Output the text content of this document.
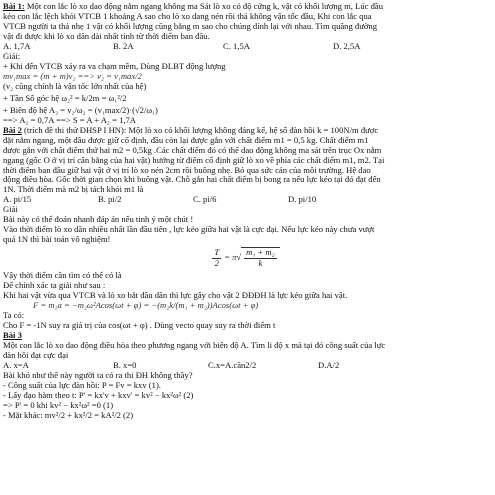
Bài 1: Một con lắc lò xo dao động nằm ngang không ma Sát lò xo có độ cứng k, vật có khối lượng m, Lúc đầu
kéo con lắc lệch khỏi VTCB 1 khoảng A sao cho lò xo dang nén rồi thả không vận tốc đầu, Khi con lắc qua
VTCB người ta thả nhẹ 1 vật có khối lượng cũng bằng m sao cho chúng dính lại với nhau. Tìm quãng đường
vật đi được khi lò xo dãn dài nhất tính từ thời điểm ban đầu.
A. 1,7A	B. 2A	C. 1,5A	D. 2,5A
Giải:
+ Khi đến VTCB xảy ra va chạm mềm, Dùng ĐLBT động lượng
mv₁max = (m + m)v₂ ==> v₂ = v₁max/2
(v₂ cũng chính là vận tốc lớn nhất của hệ)
+ Tần Số góc hệ ω₂² = k/2m = ω₁²/2
+ Biên độ hệ A₂ = v₂/ω₂ = (v₁max/2)·(√2/ω₁)
==> A₂ = 0,7A ==> S = A + A₂ = 1,7A
Bài 2 (trích đề thi thử ĐHSP I HN): Một lò xo có khối lượng không đáng kể, hệ số đàn hồi k = 100N/m được
đặt nằm ngang, một đầu được giữ cố định, đầu còn lại được gắn với chất điểm m1 = 0,5 kg. Chất điểm m1
được gắn với chất điểm thứ hai m2 = 0,5kg .Các chất điểm đó có thể dao động không ma sát trên trục Ox nằm
ngang (gốc O ở vị trí cân bằng của hai vật) hướng từ điểm cố định giữ lò xo về phía các chất điểm m1, m2. Tại
thời điểm ban đầu giữ hai vật ở vị trí lò xo nén 2cm rồi buông nhẹ. Bỏ qua sức cản của môi trường. Hệ dao
động điều hòa. Gốc thời gian chọn khi buông vật. Chỗ gắn hai chất điểm bị bong ra nếu lực kéo tại đó đạt đến
1N. Thời điểm mà m2 bị tách khỏi m1 là
A. pi/15	B. pi/2	C. pi/6	D. pi/10
Giải
Bài này có thể đoán nhanh đáp án nếu tinh ý một chút !
Vào thời điểm lò xo dãn nhiều nhất lần đầu tiên , lực kéo giữa hai vật là cực đại. Nếu lực kéo này chưa vượt
quá 1N thì bài toán vô nghiệm!
$\frac{T}{2} = \pi$ √ $\frac{\text{m₁ + m₂}}{k}$
Vậy thời điểm cần tìm có thể có là
Để chính xác ta giải như sau :
Khi hai vật vừa qua VTCB và lò xo bắt đầu dãn thì lực gây cho vật 2 ĐĐĐH là lực kéo giữa hai vật.
F = m₂a = −m₂ω²Acos(ωt + φ) = −(m₂k/(m₁ + m₂))Acos(ωt + φ)
Ta có:
Cho F = -1N suy ra giá trị của cos(ωt + φ) . Dùng vecto quay suy ra thời điểm t
Bài 3
Một con lắc lò xo dao động điều hòa theo phương ngang với biên độ A. Tìm li độ x mà tại đó công suất của lực
đàn hồi đạt cực đại
A. x=A	B. x=0	C.x=A.căn2/2	D.A/2
Bài khó như thế này người ta có ra thi ĐH không thầy?
- Công suất của lực đàn hồi: P = Fv = kxv (1).
- Lấy đạo hàm theo t: P' = kx'v + kxv' = kv² − kx²ω² (2)
=> P' = 0 khi kv² − kx²ω² =0 (1)
- Mặt khác: mv²/2 + kx²/2 = kA²/2 (2)
